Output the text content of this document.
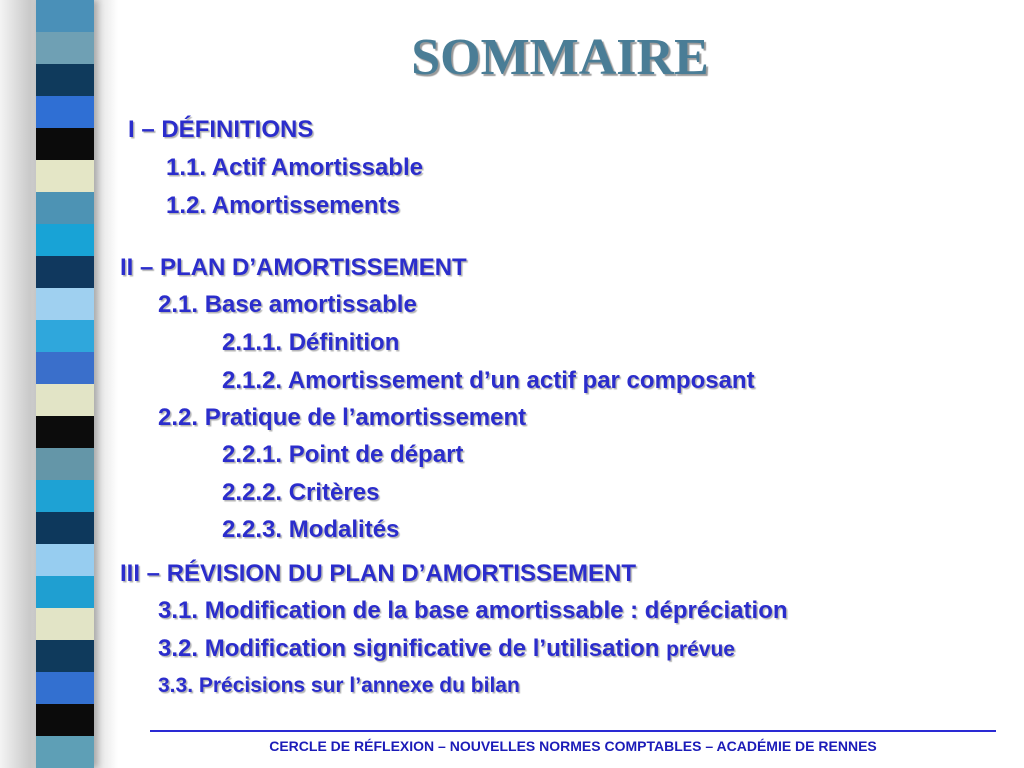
SOMMAIRE

I – DÉFINITIONS

1.1. Actif Amortissable

1.2. Amortissements

II – PLAN D’AMORTISSEMENT

2.1. Base amortissable

2.1.1. Définition

2.1.2. Amortissement d’un actif par composant

2.2. Pratique de l’amortissement

2.2.1. Point de départ

2.2.2. Critères

2.2.3. Modalités

III – RÉVISION DU PLAN D’AMORTISSEMENT

3.1. Modification de la base amortissable : dépréciation

3.2. Modification significative de l’utilisation prévue

3.3. Précisions sur l’annexe du bilan

CERCLE DE RÉFLEXION – NOUVELLES NORMES COMPTABLES – ACADÉMIE DE RENNES
